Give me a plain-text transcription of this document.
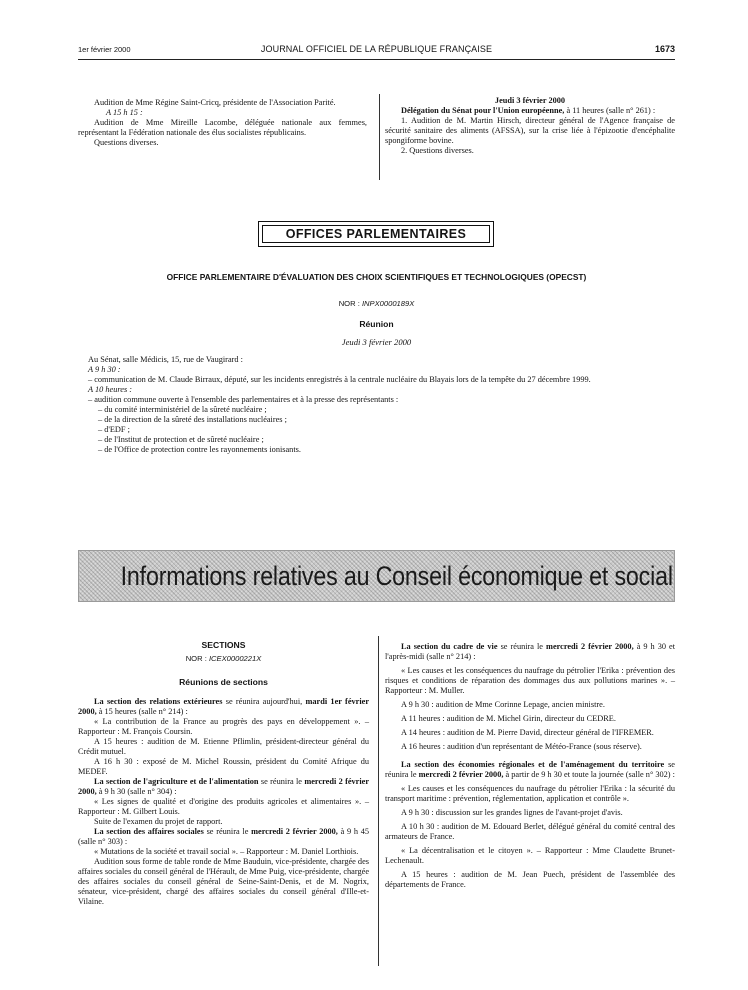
1er février 2000	JOURNAL OFFICIEL DE LA RÉPUBLIQUE FRANÇAISE	1673

Audition de Mme Régine Saint-Cricq, présidente de l'Association Parité.

A 15 h 15 :

Audition de Mme Mireille Lacombe, déléguée nationale aux femmes, représentant la Fédération nationale des élus socialistes républicains.

Questions diverses.

Jeudi 3 février 2000

Délégation du Sénat pour l'Union européenne, à 11 heures (salle n° 261) :

1. Audition de M. Martin Hirsch, directeur général de l'Agence française de sécurité sanitaire des aliments (AFSSA), sur la crise liée à l'épizootie d'encéphalite spongiforme bovine.

2. Questions diverses.

OFFICES PARLEMENTAIRES
OFFICE PARLEMENTAIRE D'ÉVALUATION DES CHOIX SCIENTIFIQUES ET TECHNOLOGIQUES (OPECST)
NOR : INPX0000189X
Réunion
Jeudi 3 février 2000

Au Sénat, salle Médicis, 15, rue de Vaugirard :

A 9 h 30 :

– communication de M. Claude Birraux, député, sur les incidents enregistrés à la centrale nucléaire du Blayais lors de la tempête du 27 décembre 1999.

A 10 heures :

– audition commune ouverte à l'ensemble des parlementaires et à la presse des représentants :

– du comité interministériel de la sûreté nucléaire ;

– de la direction de la sûreté des installations nucléaires ;

– d'EDF ;

– de l'Institut de protection et de sûreté nucléaire ;

– de l'Office de protection contre les rayonnements ionisants.

Informations relatives au Conseil économique et social

SECTIONS

NOR : ICEX0000221X

Réunions de sections

La section des relations extérieures se réunira aujourd'hui, mardi 1er février 2000, à 15 heures (salle n° 214) :

« La contribution de la France au progrès des pays en développement ». – Rapporteur : M. François Coursin.

A 15 heures : audition de M. Etienne Pflimlin, président-directeur général du Crédit mutuel.

A 16 h 30 : exposé de M. Michel Roussin, président du Comité Afrique du MEDEF.

La section de l'agriculture et de l'alimentation se réunira le mercredi 2 février 2000, à 9 h 30 (salle n° 304) :

« Les signes de qualité et d'origine des produits agricoles et alimentaires ». – Rapporteur : M. Gilbert Louis.

Suite de l'examen du projet de rapport.

La section des affaires sociales se réunira le mercredi 2 février 2000, à 9 h 45 (salle n° 303) :

« Mutations de la société et travail social ». – Rapporteur : M. Daniel Lorthiois.

Audition sous forme de table ronde de Mme Bauduin, vice-présidente, chargée des affaires sociales du conseil général de l'Hérault, de Mme Puig, vice-présidente, chargée des affaires sociales du conseil général de Seine-Saint-Denis, et de M. Nogrix, sénateur, vice-président, chargé des affaires sociales du conseil général d'Ille-et-Vilaine.

La section du cadre de vie se réunira le mercredi 2 février 2000, à 9 h 30 et l'après-midi (salle n° 214) :

« Les causes et les conséquences du naufrage du pétrolier l'Erika : prévention des risques et conditions de réparation des dommages dus aux pollutions marines ». – Rapporteur : M. Muller.

A 9 h 30 : audition de Mme Corinne Lepage, ancien ministre.

A 11 heures : audition de M. Michel Girin, directeur du CEDRE.

A 14 heures : audition de M. Pierre David, directeur général de l'IFREMER.

A 16 heures : audition d'un représentant de Météo-France (sous réserve).

La section des économies régionales et de l'aménagement du territoire se réunira le mercredi 2 février 2000, à partir de 9 h 30 et toute la journée (salle n° 302) :

« Les causes et les conséquences du naufrage du pétrolier l'Erika : la sécurité du transport maritime : prévention, réglementation, application et contrôle ».

A 9 h 30 : discussion sur les grandes lignes de l'avant-projet d'avis.

A 10 h 30 : audition de M. Edouard Berlet, délégué général du comité central des armateurs de France.

« La décentralisation et le citoyen ». – Rapporteur : Mme Claudette Brunet-Lechenault.

A 15 heures : audition de M. Jean Puech, président de l'assemblée des départements de France.
